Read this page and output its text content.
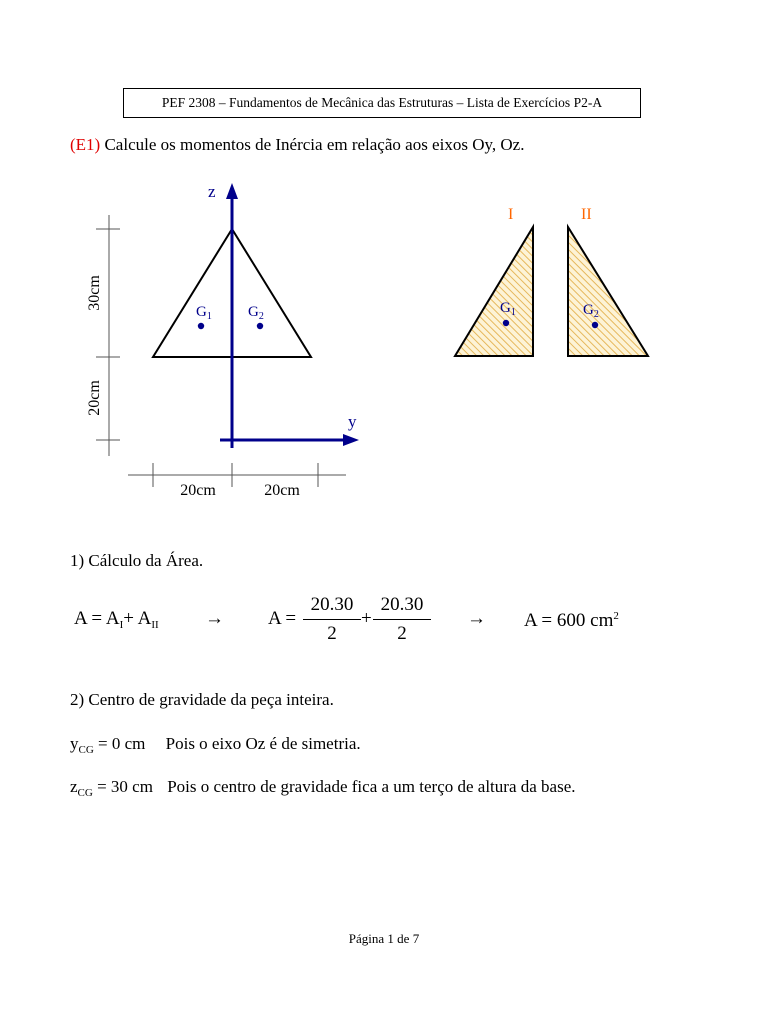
PEF 2308 – Fundamentos de Mecânica das Estruturas – Lista de Exercícios P2-A
(E1) Calcule os momentos de Inércia em relação aos eixos Oy, Oz.
30cm
20cm
20cm	20cm
z
y
$G_1$ $G_2$
I	II
$G_1$	$G_2$
1) Cálculo da Área.
$A = A_I+ A_{II} \to A$ =
20.30
2
+
20.30
2
→ A = 600 $cm^2$
2) Centro de gravidade da peça inteira.
$y_{CG} = 0$ cm Pois o eixo Oz é de simetria.
$z_{CG} = 30$ cm Pois o centro de gravidade fica a um terço de altura da base.
Página 1 de 7
